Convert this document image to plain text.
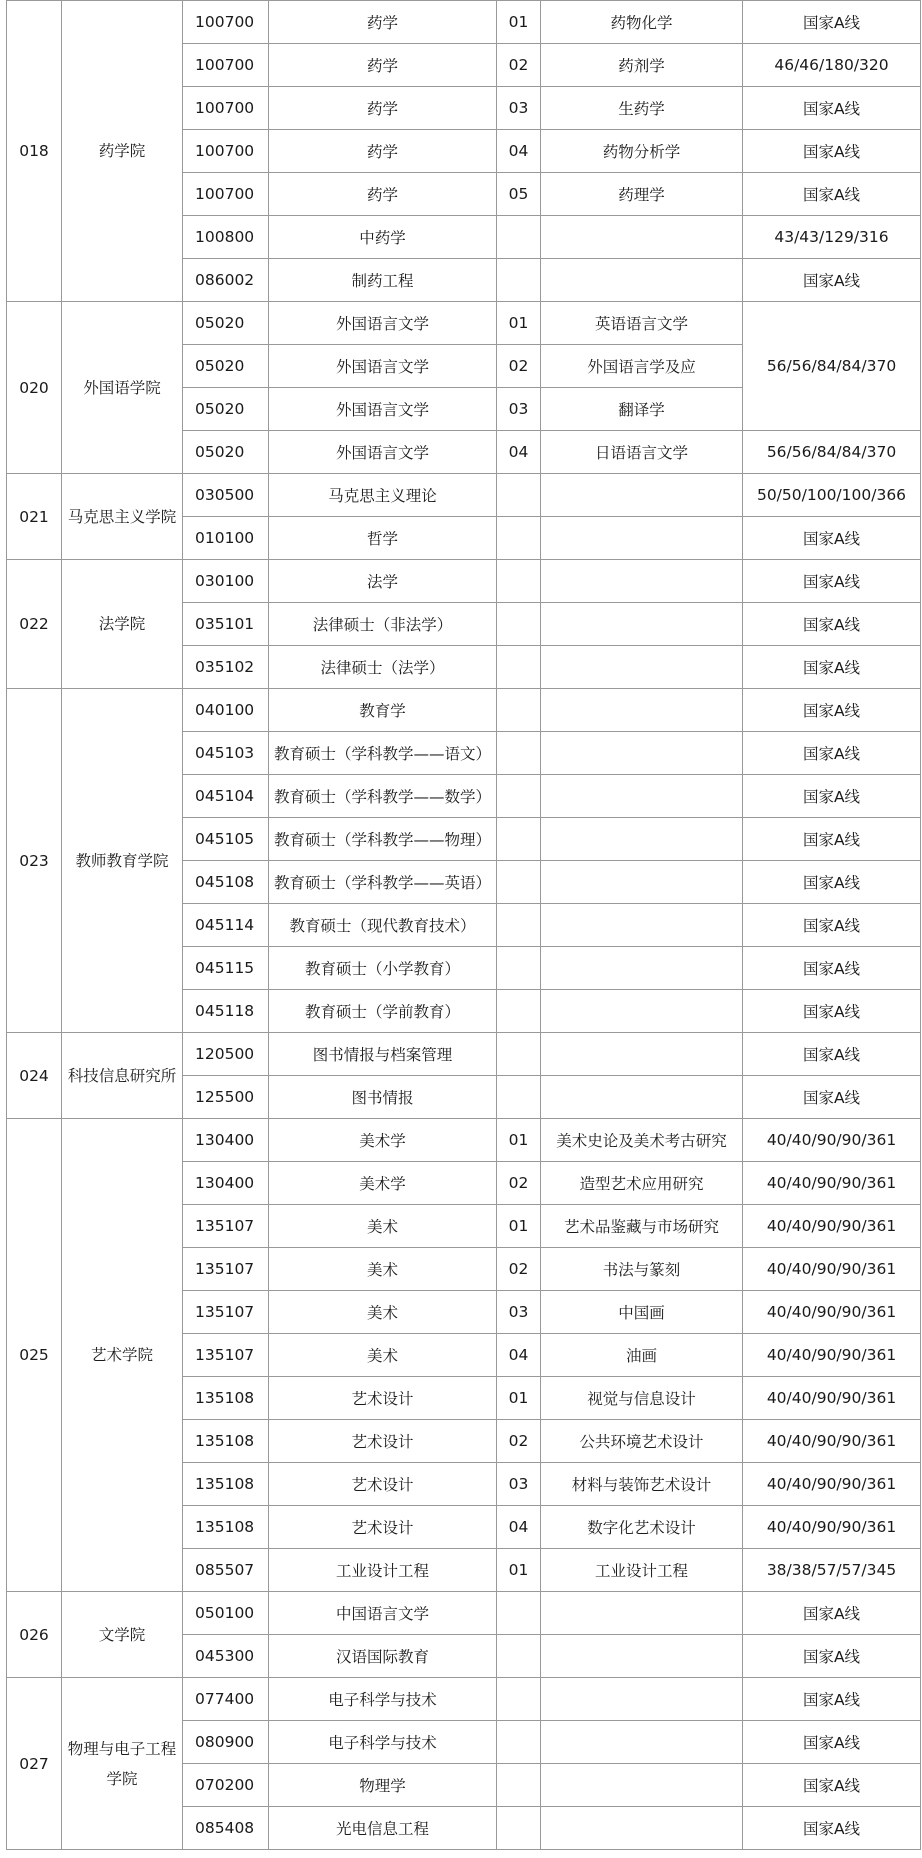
018	药学院	100700	药学	01	药物化学	国家A线
		100700	药学	02	药剂学	46/46/180/320
		100700	药学	03	生药学	国家A线
		100700	药学	04	药物分析学	国家A线
		100700	药学	05	药理学	国家A线
		100800	中药学			43/43/129/316
		086002	制药工程			国家A线
020	外国语学院	05020	外国语言文学	01	英语语言文学	56/56/84/84/370
		05020	外国语言文学	02	外国语言学及应	
		05020	外国语言文学	03	翻译学	
		05020	外国语言文学	04	日语语言文学	56/56/84/84/370
021	马克思主义学院	030500	马克思主义理论			50/50/100/100/366
		010100	哲学			国家A线
022	法学院	030100	法学			国家A线
		035101	法律硕士（非法学）			国家A线
		035102	法律硕士（法学）			国家A线
023	教师教育学院	040100	教育学			国家A线
		045103	教育硕士（学科教学——语文）			国家A线
		045104	教育硕士（学科教学——数学）			国家A线
		045105	教育硕士（学科教学——物理）			国家A线
		045108	教育硕士（学科教学——英语）			国家A线
		045114	教育硕士（现代教育技术）			国家A线
		045115	教育硕士（小学教育）			国家A线
		045118	教育硕士（学前教育）			国家A线
024	科技信息研究所	120500	图书情报与档案管理			国家A线
		125500	图书情报			国家A线
025	艺术学院	130400	美术学	01	美术史论及美术考古研究	40/40/90/90/361
		130400	美术学	02	造型艺术应用研究	40/40/90/90/361
		135107	美术	01	艺术品鉴藏与市场研究	40/40/90/90/361
		135107	美术	02	书法与篆刻	40/40/90/90/361
		135107	美术	03	中国画	40/40/90/90/361
		135107	美术	04	油画	40/40/90/90/361
		135108	艺术设计	01	视觉与信息设计	40/40/90/90/361
		135108	艺术设计	02	公共环境艺术设计	40/40/90/90/361
		135108	艺术设计	03	材料与装饰艺术设计	40/40/90/90/361
		135108	艺术设计	04	数字化艺术设计	40/40/90/90/361
		085507	工业设计工程	01	工业设计工程	38/38/57/57/345
026	文学院	050100	中国语言文学			国家A线
		045300	汉语国际教育			国家A线
027	物理与电子工程学院	077400	电子科学与技术			国家A线
		080900	电子科学与技术			国家A线
		070200	物理学			国家A线
		085408	光电信息工程			国家A线
